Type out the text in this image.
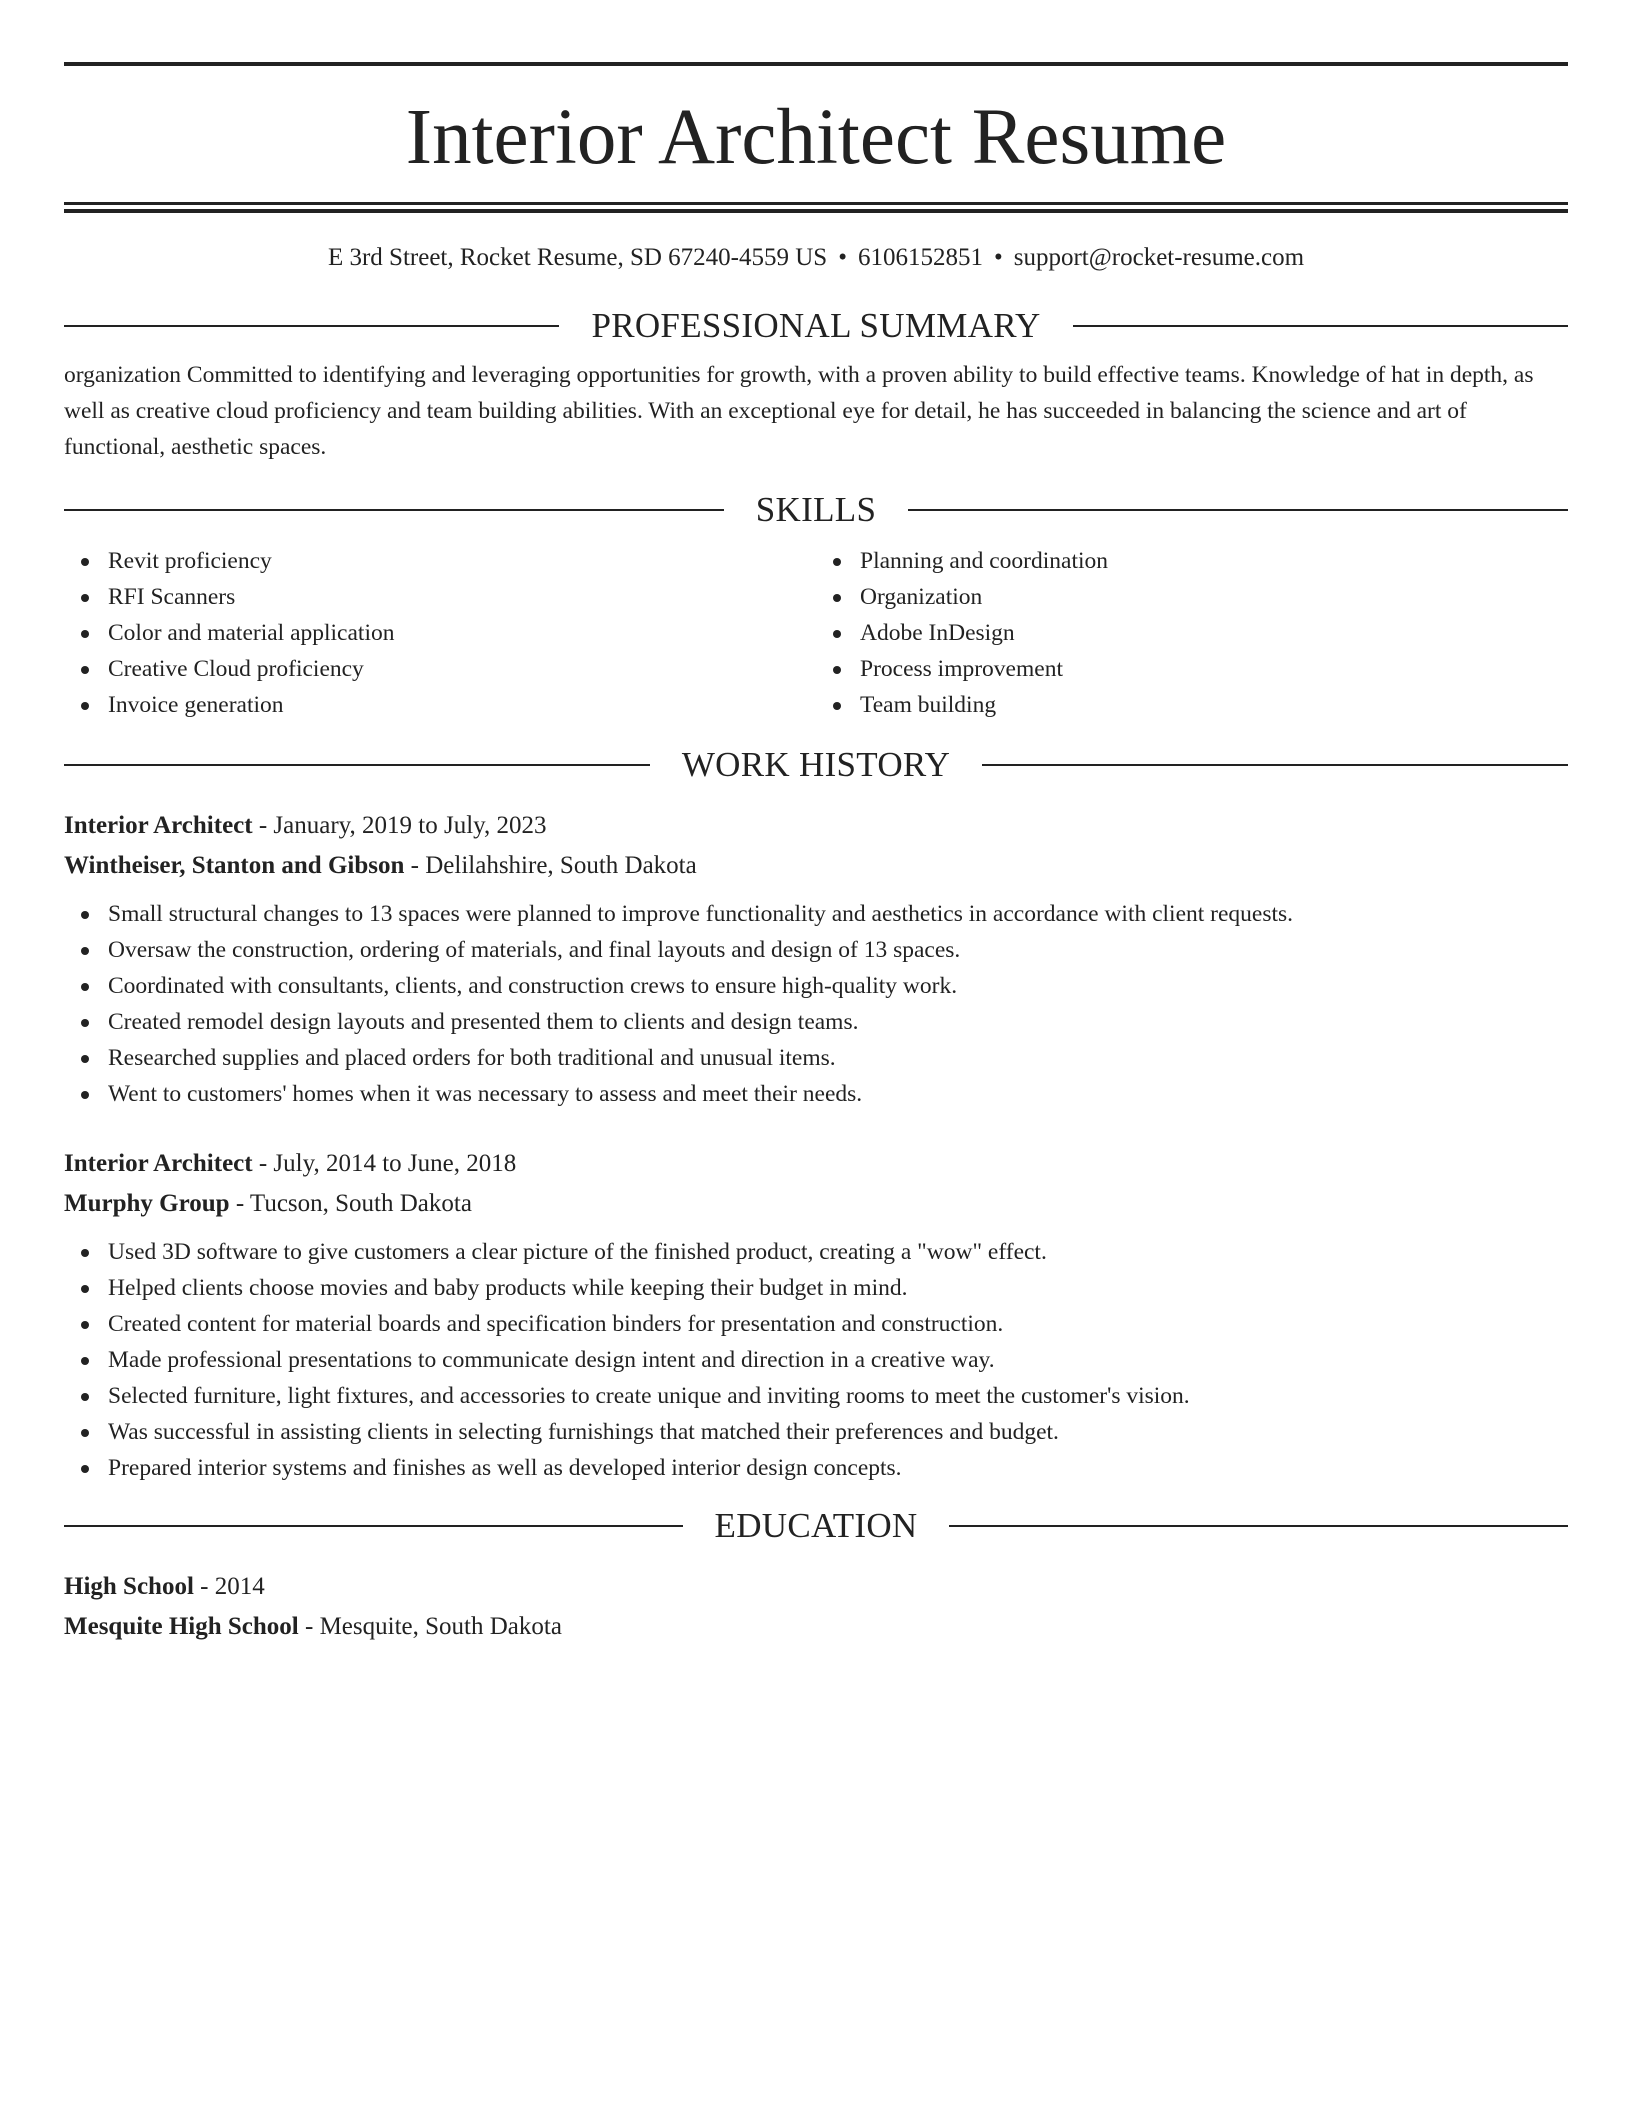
Interior Architect Resume
E 3rd Street, Rocket Resume, SD 67240-4559 US • 6106152851 • support@rocket-resume.com
PROFESSIONAL SUMMARY
organization Committed to identifying and leveraging opportunities for growth, with a proven ability to build effective teams. Knowledge of hat in depth, as well as creative cloud proficiency and team building abilities. With an exceptional eye for detail, he has succeeded in balancing the science and art of functional, aesthetic spaces.
SKILLS
Revit proficiency
RFI Scanners
Color and material application
Creative Cloud proficiency
Invoice generation
Planning and coordination
Organization
Adobe InDesign
Process improvement
Team building
WORK HISTORY
Interior Architect - January, 2019 to July, 2023
Wintheiser, Stanton and Gibson - Delilahshire, South Dakota
Small structural changes to 13 spaces were planned to improve functionality and aesthetics in accordance with client requests.
Oversaw the construction, ordering of materials, and final layouts and design of 13 spaces.
Coordinated with consultants, clients, and construction crews to ensure high-quality work.
Created remodel design layouts and presented them to clients and design teams.
Researched supplies and placed orders for both traditional and unusual items.
Went to customers' homes when it was necessary to assess and meet their needs.
Interior Architect - July, 2014 to June, 2018
Murphy Group - Tucson, South Dakota
Used 3D software to give customers a clear picture of the finished product, creating a "wow" effect.
Helped clients choose movies and baby products while keeping their budget in mind.
Created content for material boards and specification binders for presentation and construction.
Made professional presentations to communicate design intent and direction in a creative way.
Selected furniture, light fixtures, and accessories to create unique and inviting rooms to meet the customer's vision.
Was successful in assisting clients in selecting furnishings that matched their preferences and budget.
Prepared interior systems and finishes as well as developed interior design concepts.
EDUCATION
High School - 2014
Mesquite High School - Mesquite, South Dakota
